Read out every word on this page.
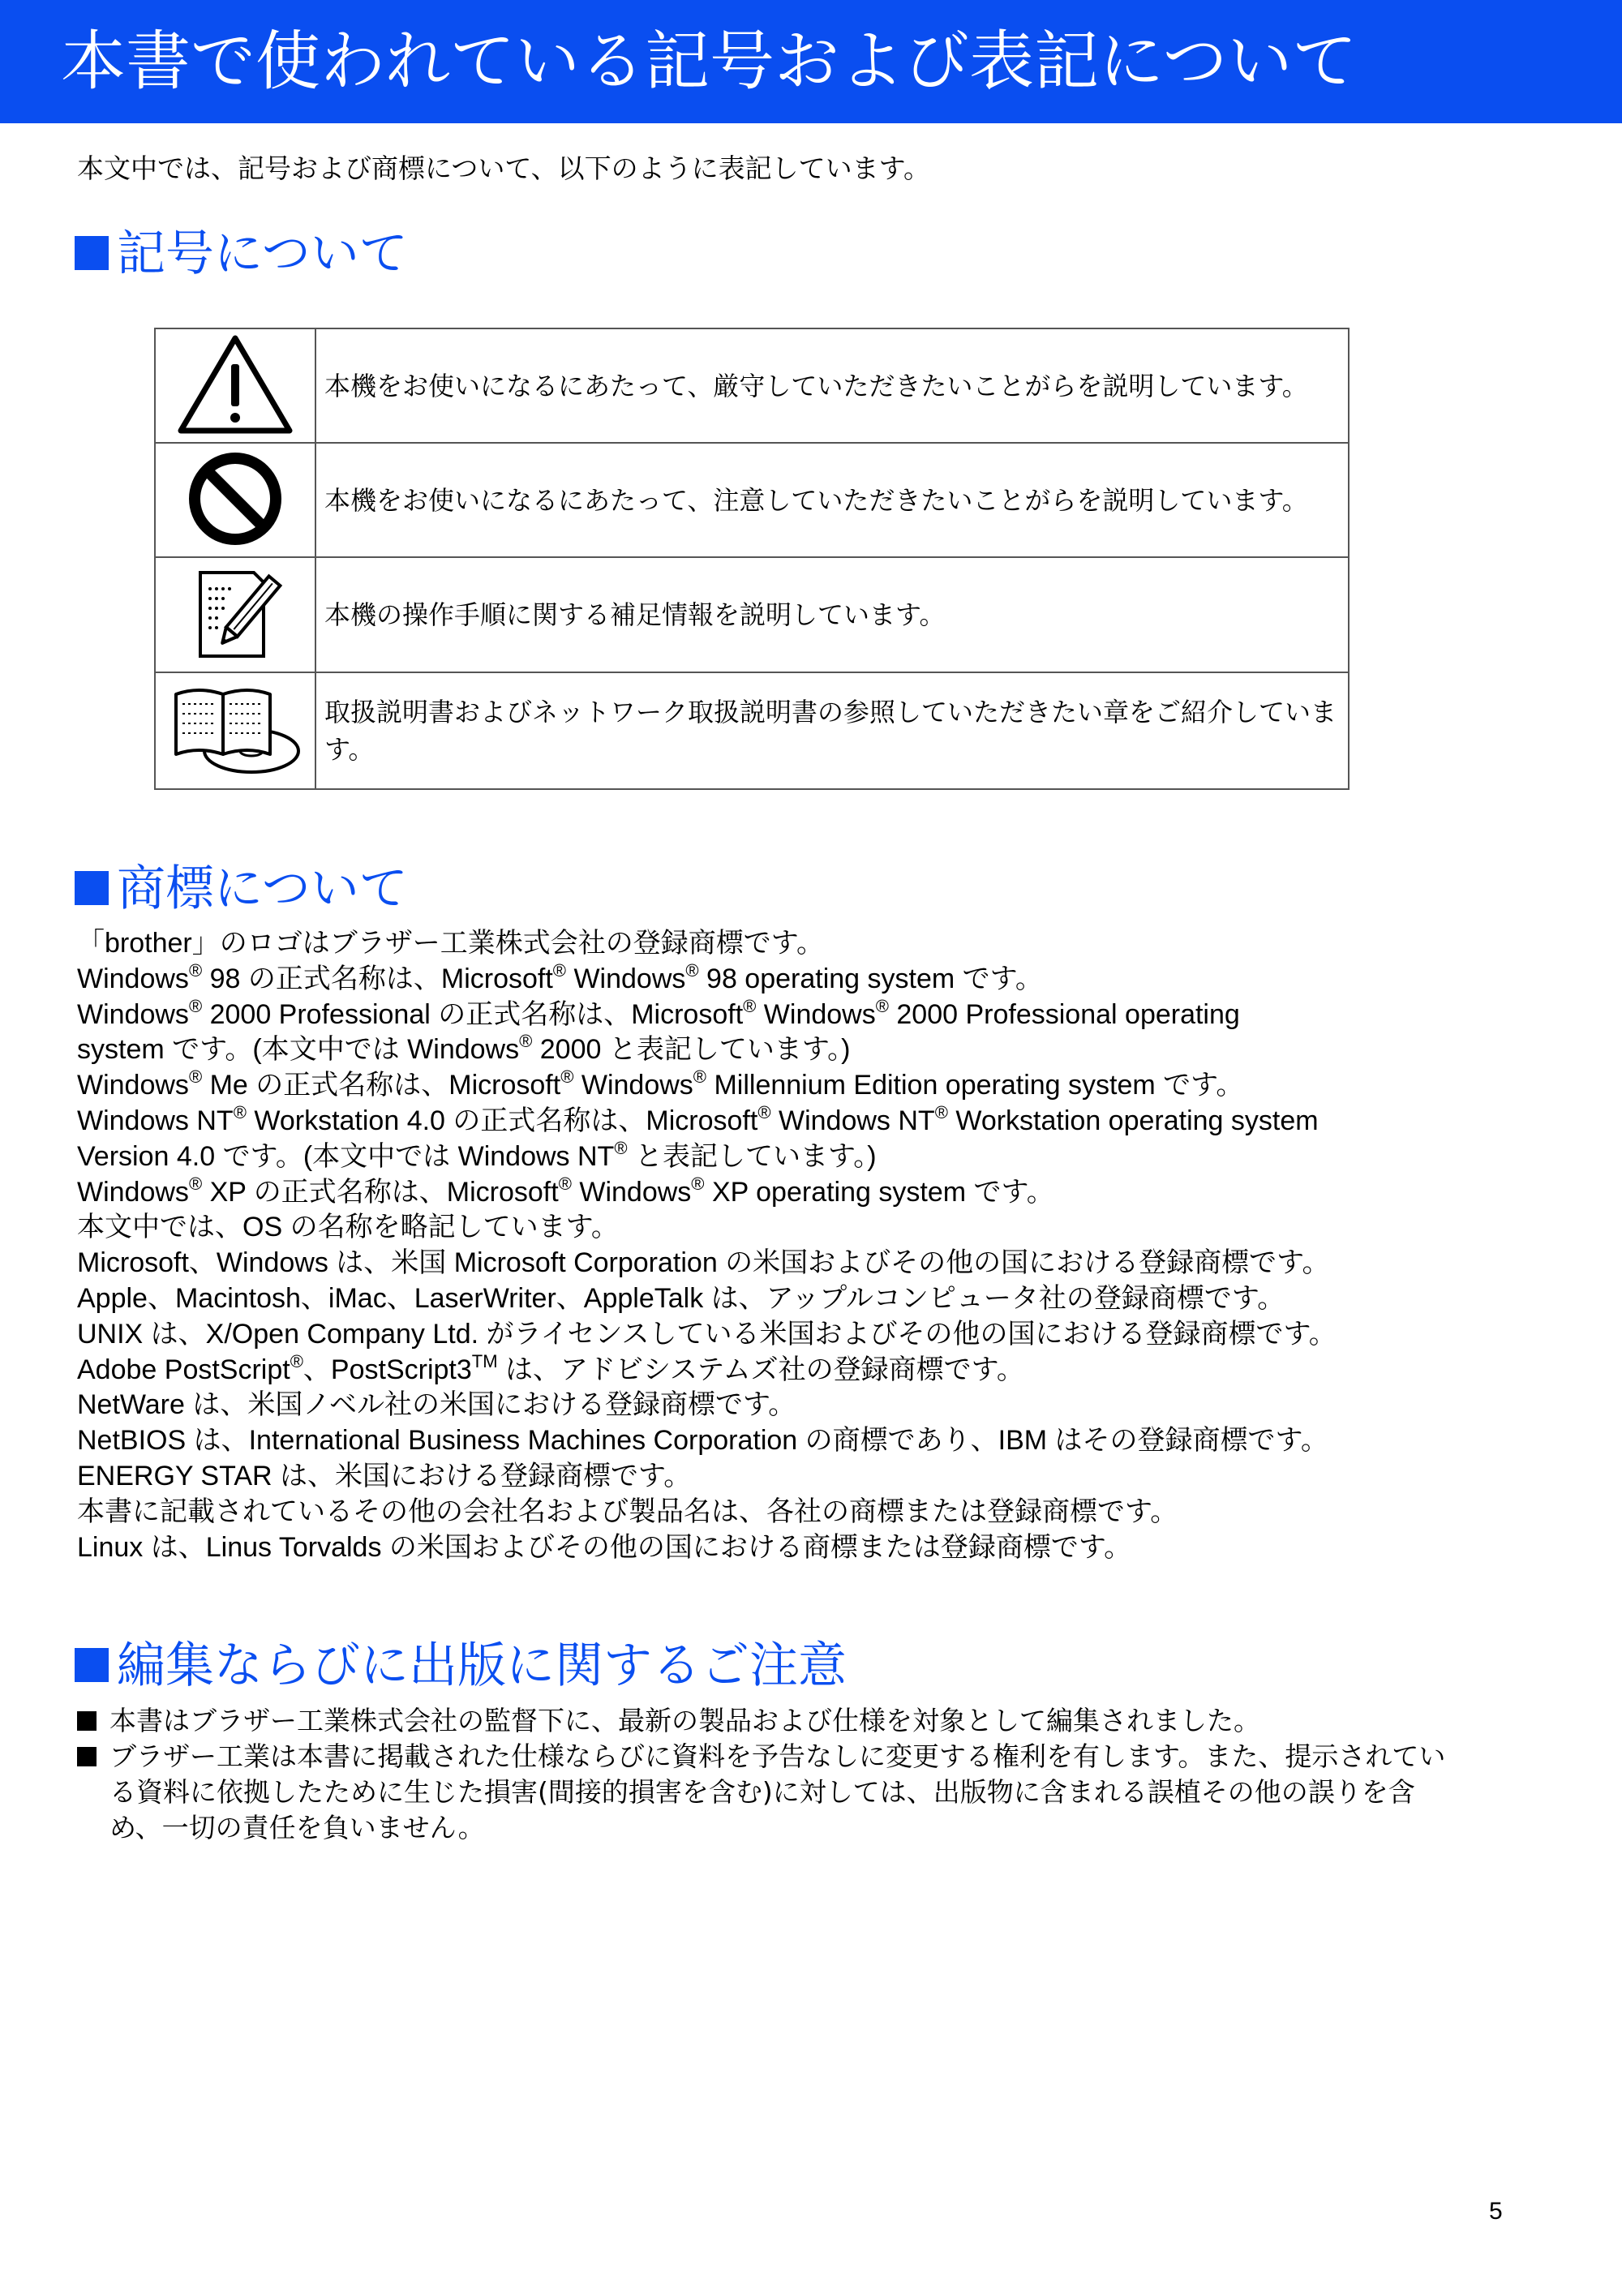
本書で使われている記号および表記について
本文中では、記号および商標について、以下のように表記しています。
記号について
	本機をお使いになるにあたって、厳守していただきたいことがらを説明しています。
	本機をお使いになるにあたって、注意していただきたいことがらを説明しています。
	本機の操作手順に関する補足情報を説明しています。
	取扱説明書およびネットワーク取扱説明書の参照していただきたい章をご紹介しています。
商標について
「brother」のロゴはブラザー工業株式会社の登録商標です。
Windows® 98 の正式名称は、Microsoft® Windows® 98 operating system です。
Windows® 2000 Professional の正式名称は、Microsoft® Windows® 2000 Professional operating
system です。(本文中では Windows® 2000 と表記しています。)
Windows® Me の正式名称は、Microsoft® Windows® Millennium Edition operating system です。
Windows NT® Workstation 4.0 の正式名称は、Microsoft® Windows NT® Workstation operating system
Version 4.0 です。(本文中では Windows NT® と表記しています。)
Windows® XP の正式名称は、Microsoft® Windows® XP operating system です。
本文中では、OS の名称を略記しています。
Microsoft、Windows は、米国 Microsoft Corporation の米国およびその他の国における登録商標です。
Apple、Macintosh、iMac、LaserWriter、AppleTalk は、アップルコンピュータ社の登録商標です。
UNIX は、X/Open Company Ltd. がライセンスしている米国およびその他の国における登録商標です。
Adobe PostScript®、PostScript3™ は、アドビシステムズ社の登録商標です。
NetWare は、米国ノベル社の米国における登録商標です。
NetBIOS は、International Business Machines Corporation の商標であり、IBM はその登録商標です。
ENERGY STAR は、米国における登録商標です。
本書に記載されているその他の会社名および製品名は、各社の商標または登録商標です。
Linux は、Linus Torvalds の米国およびその他の国における商標または登録商標です。
編集ならびに出版に関するご注意
本書はブラザー工業株式会社の監督下に、最新の製品および仕様を対象として編集されました。
ブラザー工業は本書に掲載された仕様ならびに資料を予告なしに変更する権利を有します。また、提示されている資料に依拠したために生じた損害(間接的損害を含む)に対しては、出版物に含まれる誤植その他の誤りを含め、一切の責任を負いません。
5
